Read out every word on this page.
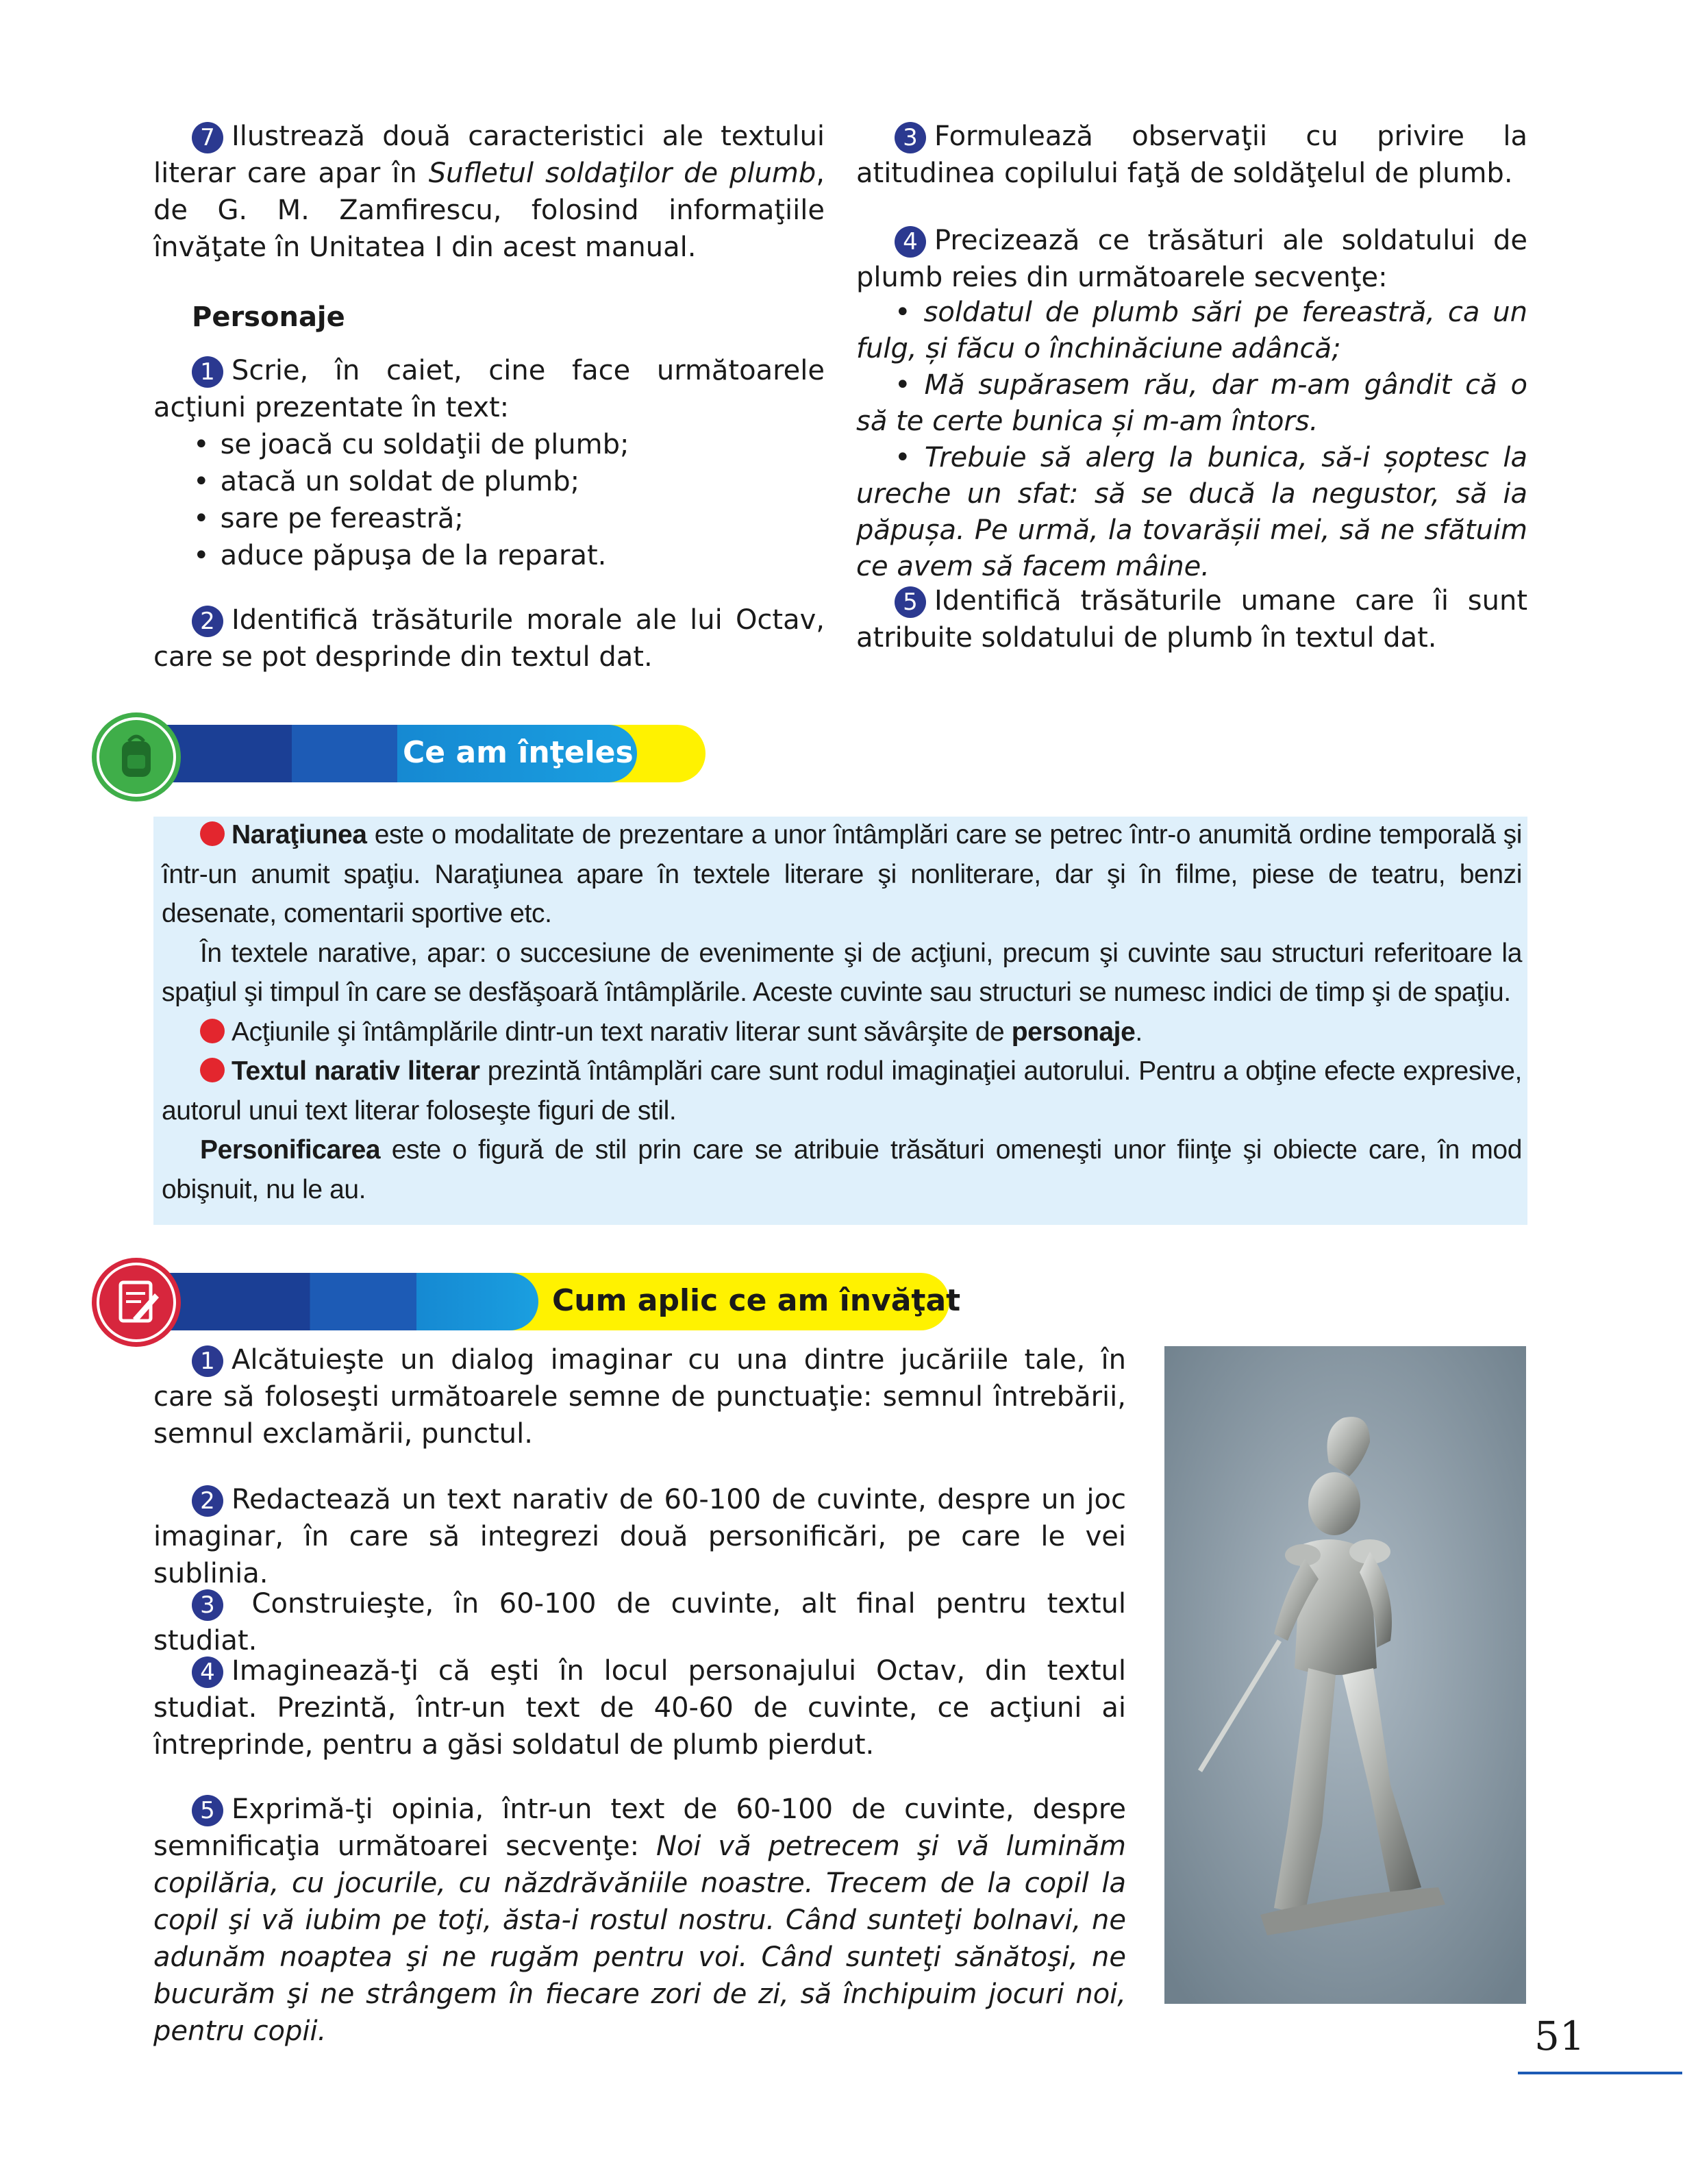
7 Ilustrează două caracteristici ale textului literar care apar în Sufletul soldaţilor de plumb, de G. M. Zamfirescu, folosind informaţiile învăţate în Unitatea I din acest manual.
Personaje
1 Scrie, în caiet, cine face următoarele acţiuni prezentate în text:
• se joacă cu soldaţii de plumb;
• atacă un soldat de plumb;
• sare pe fereastră;
• aduce păpuşa de la reparat.
2 Identifică trăsăturile morale ale lui Octav, care se pot desprinde din textul dat.
3 Formulează observaţii cu privire la atitudinea copilului faţă de soldăţelul de plumb.
4 Precizează ce trăsături ale soldatului de plumb reies din următoarele secvenţe:
• soldatul de plumb sări pe fereastră, ca un fulg, și făcu o închinăciune adâncă;
• Mă supărasem rău, dar m-am gândit că o să te certe bunica și m-am întors.
• Trebuie să alerg la bunica, să-i șoptesc la ureche un sfat: să se ducă la negustor, să ia păpușa. Pe urmă, la tovarășii mei, să ne sfătuim ce avem să facem mâine.
5 Identifică trăsăturile umane care îi sunt atribuite soldatului de plumb în textul dat.
Ce am înţeles
Naraţiunea este o modalitate de prezentare a unor întâmplări care se petrec într-o anumită ordine temporală şi într-un anumit spaţiu. Naraţiunea apare în textele literare şi nonliterare, dar şi în filme, piese de teatru, benzi desenate, comentarii sportive etc.
În textele narative, apar: o succesiune de evenimente şi de acţiuni, precum şi cuvinte sau structuri referitoare la spaţiul şi timpul în care se desfăşoară întâmplările. Aceste cuvinte sau structuri se numesc indici de timp şi de spaţiu.
Acţiunile şi întâmplările dintr-un text narativ literar sunt săvârşite de personaje.
Textul narativ literar prezintă întâmplări care sunt rodul imaginaţiei autorului. Pentru a obţine efecte expresive, autorul unui text literar foloseşte figuri de stil.
Personificarea este o figură de stil prin care se atribuie trăsături omeneşti unor fiinţe şi obiecte care, în mod obişnuit, nu le au.
Cum aplic ce am învăţat
1 Alcătuieşte un dialog imaginar cu una dintre jucăriile tale, în care să foloseşti următoarele semne de punctuaţie: semnul întrebării, semnul exclamării, punctul.
2 Redactează un text narativ de 60-100 de cuvinte, despre un joc imaginar, în care să integrezi două personificări, pe care le vei sublinia.
3 Construieşte, în 60-100 de cuvinte, alt final pentru textul studiat.
4 Imaginează-ţi că eşti în locul personajului Octav, din textul studiat. Prezintă, într-un text de 40-60 de cuvinte, ce acţiuni ai întreprinde, pentru a găsi soldatul de plumb pierdut.
5 Exprimă-ţi opinia, într-un text de 60-100 de cuvinte, despre semnificaţia următoarei secvenţe: Noi vă petrecem şi vă luminăm copilăria, cu jocurile, cu năzdrăvăniile noastre. Trecem de la copil la copil şi vă iubim pe toţi, ăsta-i rostul nostru. Când sunteţi bolnavi, ne adunăm noaptea şi ne rugăm pentru voi. Când sunteţi sănătoşi, ne bucurăm şi ne strângem în fiecare zori de zi, să închipuim jocuri noi, pentru copii.	51
